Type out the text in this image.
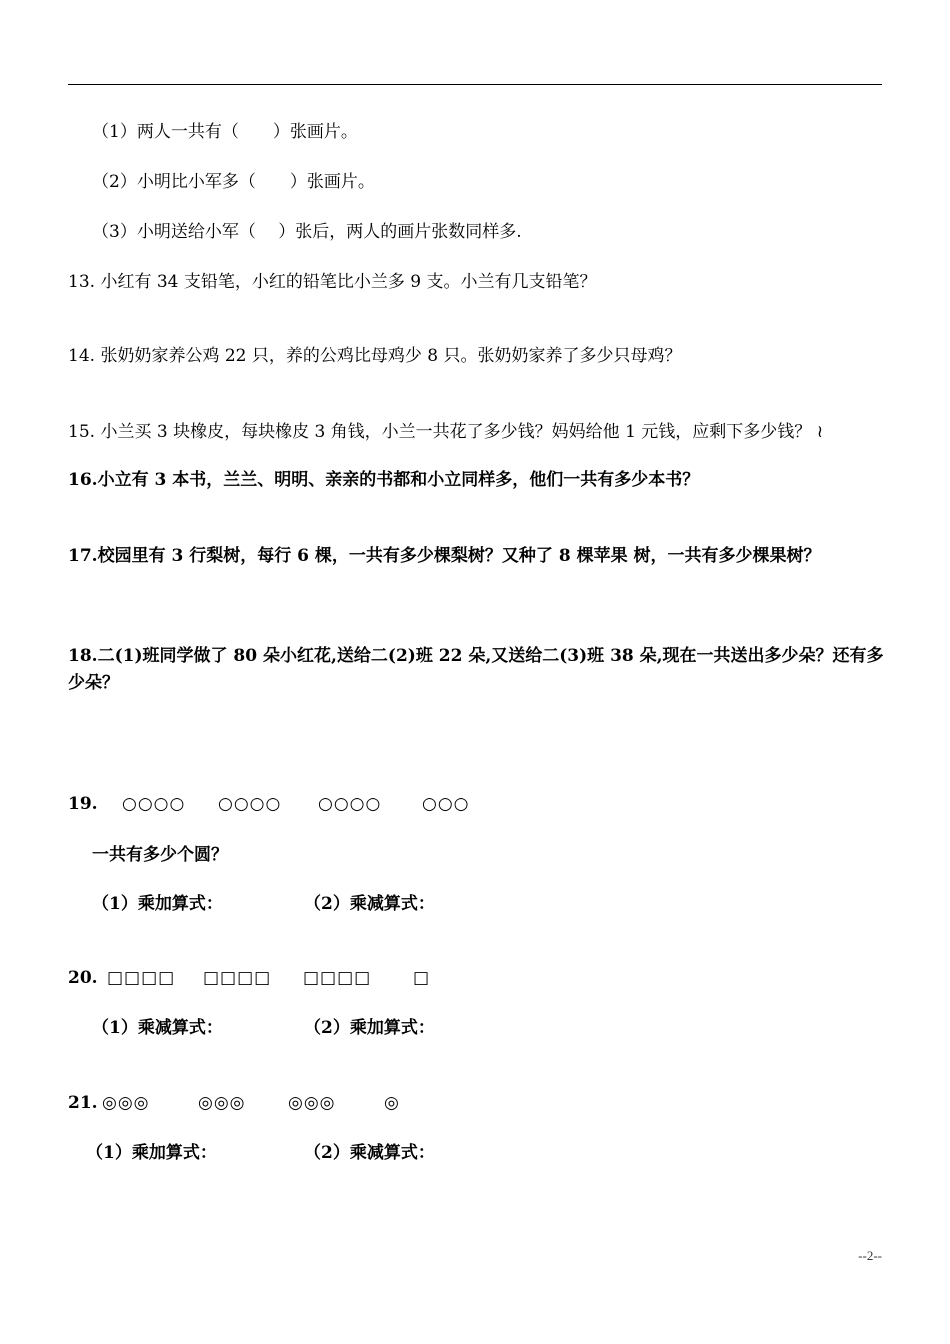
（1）两人一共有（　　）张画片。
（2）小明比小军多（　　）张画片。
（3）小明送给小军（　 ）张后，两人的画片张数同样多.
13. 小红有 34 支铅笔，小红的铅笔比小兰多 9 支。小兰有几支铅笔？
14. 张奶奶家养公鸡 22 只，养的公鸡比母鸡少 8 只。张奶奶家养了多少只母鸡？
15. 小兰买 3 块橡皮，每块橡皮 3 角钱，小兰一共花了多少钱？妈妈给他 1 元钱，应剩下多少钱？ ≀
16.小立有 3 本书，兰兰、明明、亲亲的书都和小立同样多，他们一共有多少本书？
17.校园里有 3 行梨树，每行 6 棵，一共有多少棵梨树？又种了 8 棵苹果 树，一共有多少棵果树？
18.二(1)班同学做了 80 朵小红花,送给二(2)班 22 朵,又送给二(3)班 38 朵,现在一共送出多少朵？还有多少朵？
19. ○○○○ ○○○○ ○○○○ ○○○
一共有多少个圆？
（1）乘加算式：	（2）乘减算式：
20. □□□□ □□□□ □□□□ □
（1）乘减算式：	（2）乘加算式：
21. ◎◎◎	◎◎◎ ◎◎◎	◎
（1）乘加算式：	（2）乘减算式：
--2--
